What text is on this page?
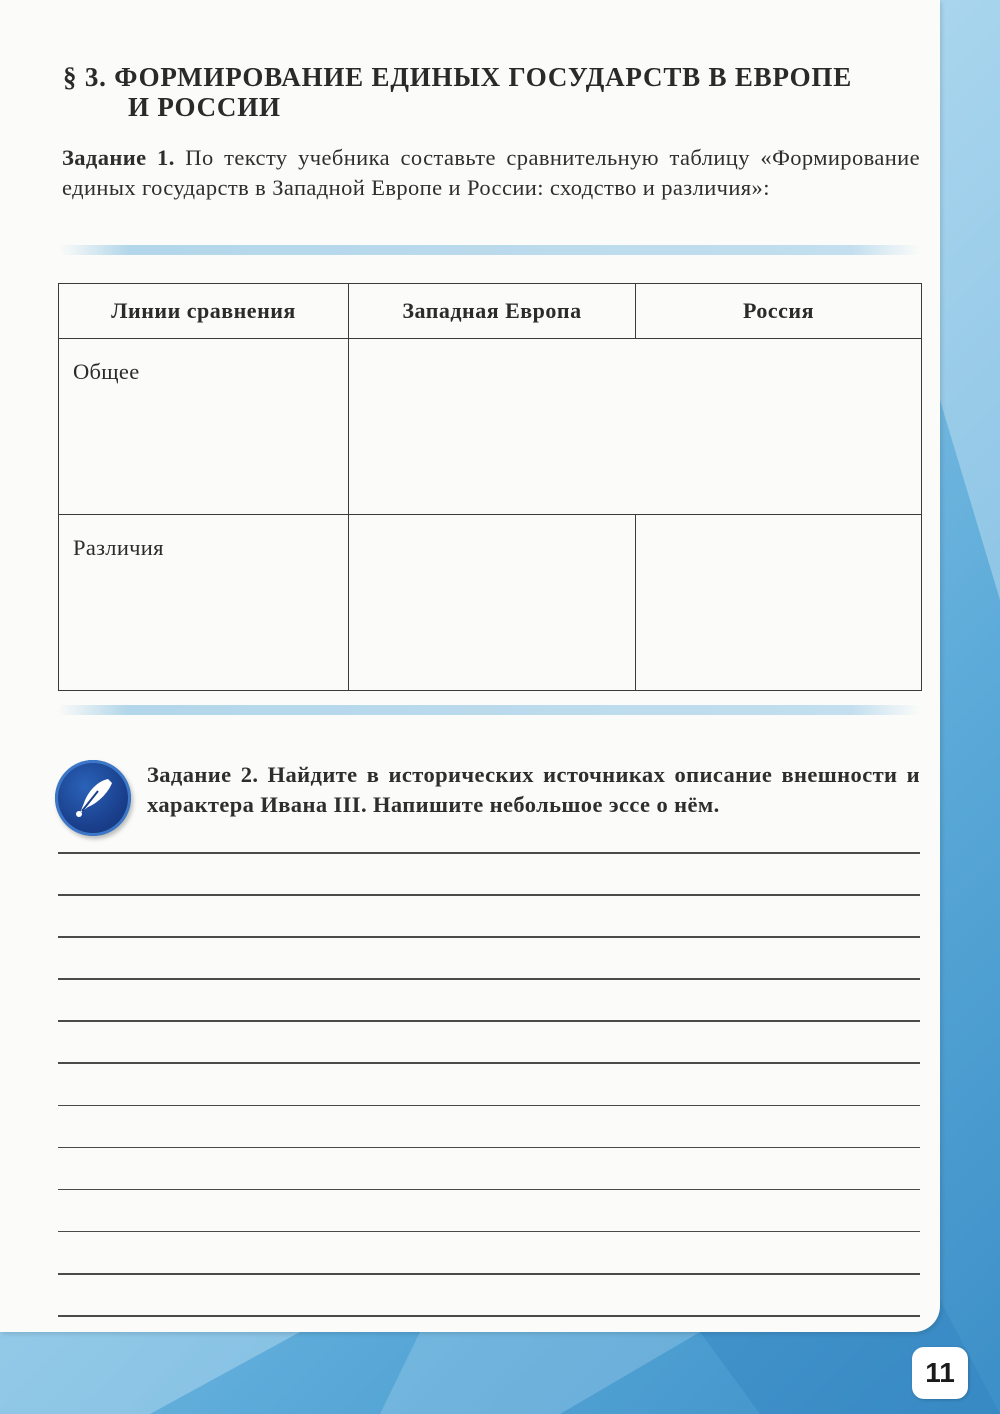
§ 3. ФОРМИРОВАНИЕ ЕДИНЫХ ГОСУДАРСТВ В ЕВРОПЕ
И РОССИИ
Задание 1. По тексту учебника составьте сравнительную таблицу «Формирование единых государств в Западной Европе и России: сходство и различия»:
Линии сравнения	Западная Европа	Россия
Общее		
Различия		
Задание 2. Найдите в исторических источниках описание внешности и характера Ивана III. Напишите небольшое эссе о нём.
11
